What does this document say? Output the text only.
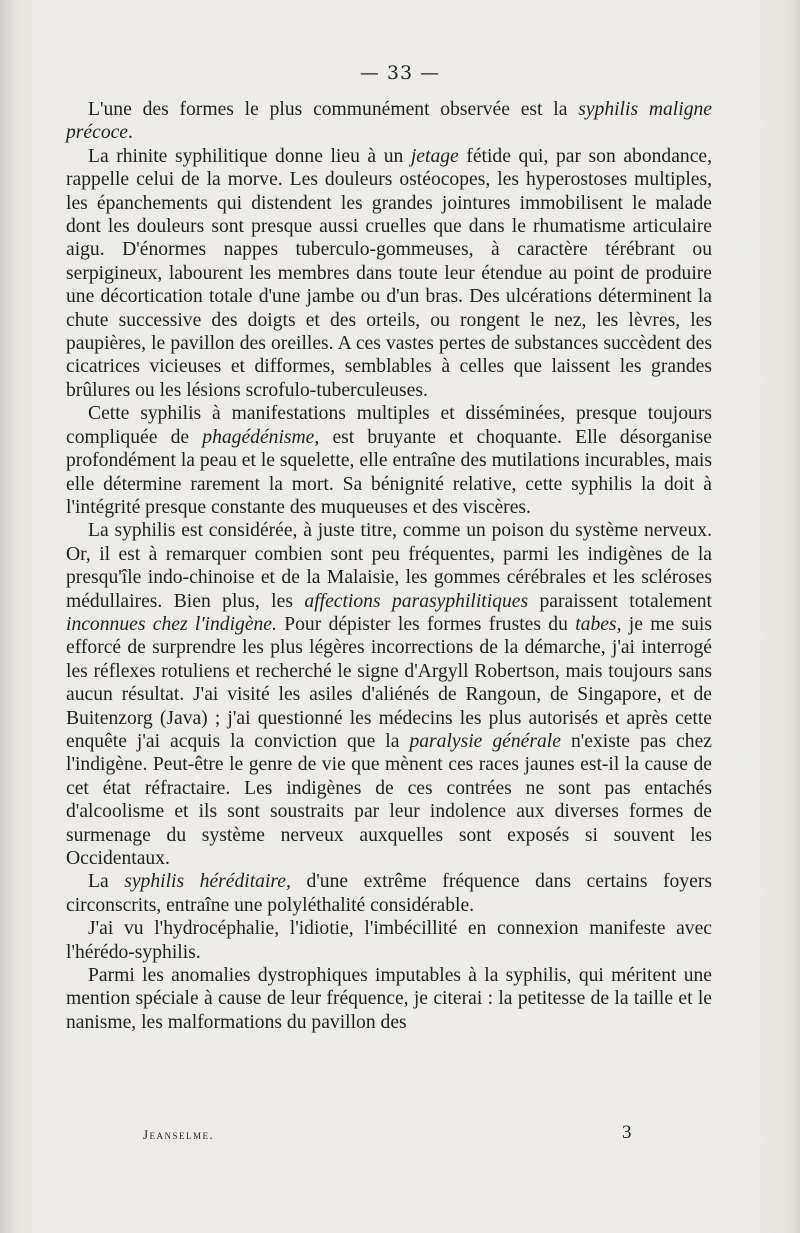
— 33 —

L'une des formes le plus communément observée est la syphilis maligne précoce.

La rhinite syphilitique donne lieu à un jetage fétide qui, par son abondance, rappelle celui de la morve. Les douleurs ostéocopes, les hyperostoses multiples, les épanchements qui distendent les grandes jointures immobilisent le malade dont les douleurs sont presque aussi cruelles que dans le rhumatisme articulaire aigu. D'énormes nappes tuberculo-gommeuses, à caractère térébrant ou serpigineux, labourent les membres dans toute leur étendue au point de produire une décortication totale d'une jambe ou d'un bras. Des ulcérations déterminent la chute successive des doigts et des orteils, ou rongent le nez, les lèvres, les paupières, le pavillon des oreilles. A ces vastes pertes de substances succèdent des cicatrices vicieuses et difformes, semblables à celles que laissent les grandes brûlures ou les lésions scrofulo-tuberculeuses.

Cette syphilis à manifestations multiples et disséminées, presque toujours compliquée de phagédénisme, est bruyante et choquante. Elle désorganise profondément la peau et le squelette, elle entraîne des mutilations incurables, mais elle détermine rarement la mort. Sa bénignité relative, cette syphilis la doit à l'intégrité presque constante des muqueuses et des viscères.

La syphilis est considérée, à juste titre, comme un poison du système nerveux. Or, il est à remarquer combien sont peu fréquentes, parmi les indigènes de la presqu'île indo-chinoise et de la Malaisie, les gommes cérébrales et les scléroses médullaires. Bien plus, les affections parasyphilitiques paraissent totalement inconnues chez l'indigène. Pour dépister les formes frustes du tabes, je me suis efforcé de surprendre les plus légères incorrections de la démarche, j'ai interrogé les réflexes rotuliens et recherché le signe d'Argyll Robertson, mais toujours sans aucun résultat. J'ai visité les asiles d'aliénés de Rangoun, de Singapore, et de Buitenzorg (Java) ; j'ai questionné les médecins les plus autorisés et après cette enquête j'ai acquis la conviction que la paralysie générale n'existe pas chez l'indigène. Peut-être le genre de vie que mènent ces races jaunes est-il la cause de cet état réfractaire. Les indigènes de ces contrées ne sont pas entachés d'alcoolisme et ils sont soustraits par leur indolence aux diverses formes de surmenage du système nerveux auxquelles sont exposés si souvent les Occidentaux.

La syphilis héréditaire, d'une extrême fréquence dans certains foyers circonscrits, entraîne une polyléthalité considérable.

J'ai vu l'hydrocéphalie, l'idiotie, l'imbécillité en connexion manifeste avec l'hérédo-syphilis.

Parmi les anomalies dystrophiques imputables à la syphilis, qui méritent une mention spéciale à cause de leur fréquence, je citerai : la petitesse de la taille et le nanisme, les malformations du pavillon des

Jeanselme.	3
